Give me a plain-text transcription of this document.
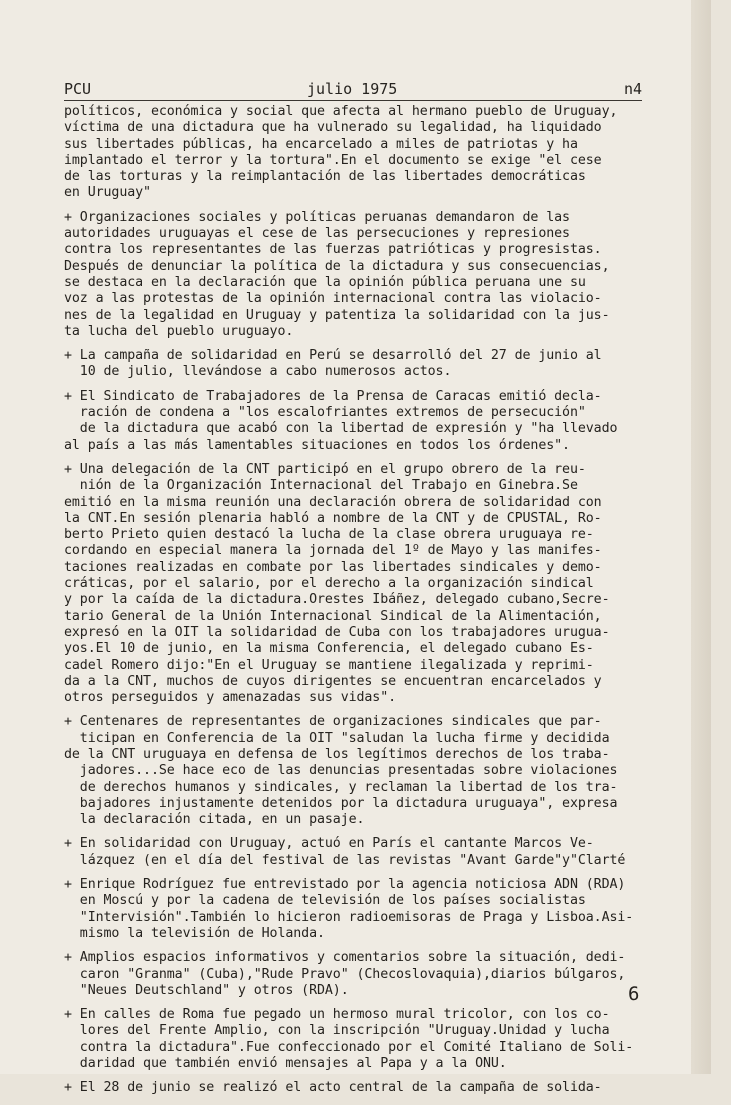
PCU	julio 1975	n4
políticos, económica y social que afecta al hermano pueblo de Uruguay,
víctima de una dictadura que ha vulnerado su legalidad, ha liquidado
sus libertades públicas, ha encarcelado a miles de patriotas y ha
implantado el terror y la tortura".En el documento se exige "el cese
de las torturas y la reimplantación de las libertades democráticas
en Uruguay"
+ Organizaciones sociales y políticas peruanas demandaron de las
autoridades uruguayas el cese de las persecuciones y represiones
contra los representantes de las fuerzas patrióticas y progresistas.
Después de denunciar la política de la dictadura y sus consecuencias,
se destaca en la declaración que la opinión pública peruana une su
voz a las protestas de la opinión internacional contra las violacio-
nes de la legalidad en Uruguay y patentiza la solidaridad con la jus-
ta lucha del pueblo uruguayo.
+ La campaña de solidaridad en Perú se desarrolló del 27 de junio al
10 de julio, llevándose a cabo numerosos actos.
+ El Sindicato de Trabajadores de la Prensa de Caracas emitió decla-
ración de condena a "los escalofriantes extremos de persecución"
de la dictadura que acabó con la libertad de expresión y "ha llevado
al país a las más lamentables situaciones en todos los órdenes".
+ Una delegación de la CNT participó en el grupo obrero de la reu-
nión de la Organización Internacional del Trabajo en Ginebra.Se
emitió en la misma reunión una declaración obrera de solidaridad con
la CNT.En sesión plenaria habló a nombre de la CNT y de CPUSTAL, Ro-
berto Prieto quien destacó la lucha de la clase obrera uruguaya re-
cordando en especial manera la jornada del 1º de Mayo y las manifes-
taciones realizadas en combate por las libertades sindicales y demo-
cráticas, por el salario, por el derecho a la organización sindical
y por la caída de la dictadura.Orestes Ibáñez, delegado cubano,Secre-
tario General de la Unión Internacional Sindical de la Alimentación,
expresó en la OIT la solidaridad de Cuba con los trabajadores urugua-
yos.El 10 de junio, en la misma Conferencia, el delegado cubano Es-
cadel Romero dijo:"En el Uruguay se mantiene ilegalizada y reprimi-
da a la CNT, muchos de cuyos dirigentes se encuentran encarcelados y
otros perseguidos y amenazadas sus vidas".
+ Centenares de representantes de organizaciones sindicales que par-
ticipan en Conferencia de la OIT "saludan la lucha firme y decidida
de la CNT uruguaya en defensa de los legítimos derechos de los traba-
jadores...Se hace eco de las denuncias presentadas sobre violaciones
de derechos humanos y sindicales, y reclaman la libertad de los tra-
bajadores injustamente detenidos por la dictadura uruguaya", expresa
la declaración citada, en un pasaje.
+ En solidaridad con Uruguay, actuó en París el cantante Marcos Ve-
lázquez (en el día del festival de las revistas "Avant Garde"y"Clarté
+ Enrique Rodríguez fue entrevistado por la agencia noticiosa ADN (RDA)
en Moscú y por la cadena de televisión de los países socialistas
"Intervisión".También lo hicieron radioemisoras de Praga y Lisboa.Asi-
mismo la televisión de Holanda.
+ Amplios espacios informativos y comentarios sobre la situación, dedi-
caron "Granma" (Cuba),"Rude Pravo" (Checoslovaquia),diarios búlgaros,
"Neues Deutschland" y otros (RDA).
+ En calles de Roma fue pegado un hermoso mural tricolor, con los co-
lores del Frente Amplio, con la inscripción "Uruguay.Unidad y lucha
contra la dictadura".Fue confeccionado por el Comité Italiano de Soli-
daridad que también envió mensajes al Papa y a la ONU.
+ El 28 de junio se realizó el acto central de la campaña de solida-
6
